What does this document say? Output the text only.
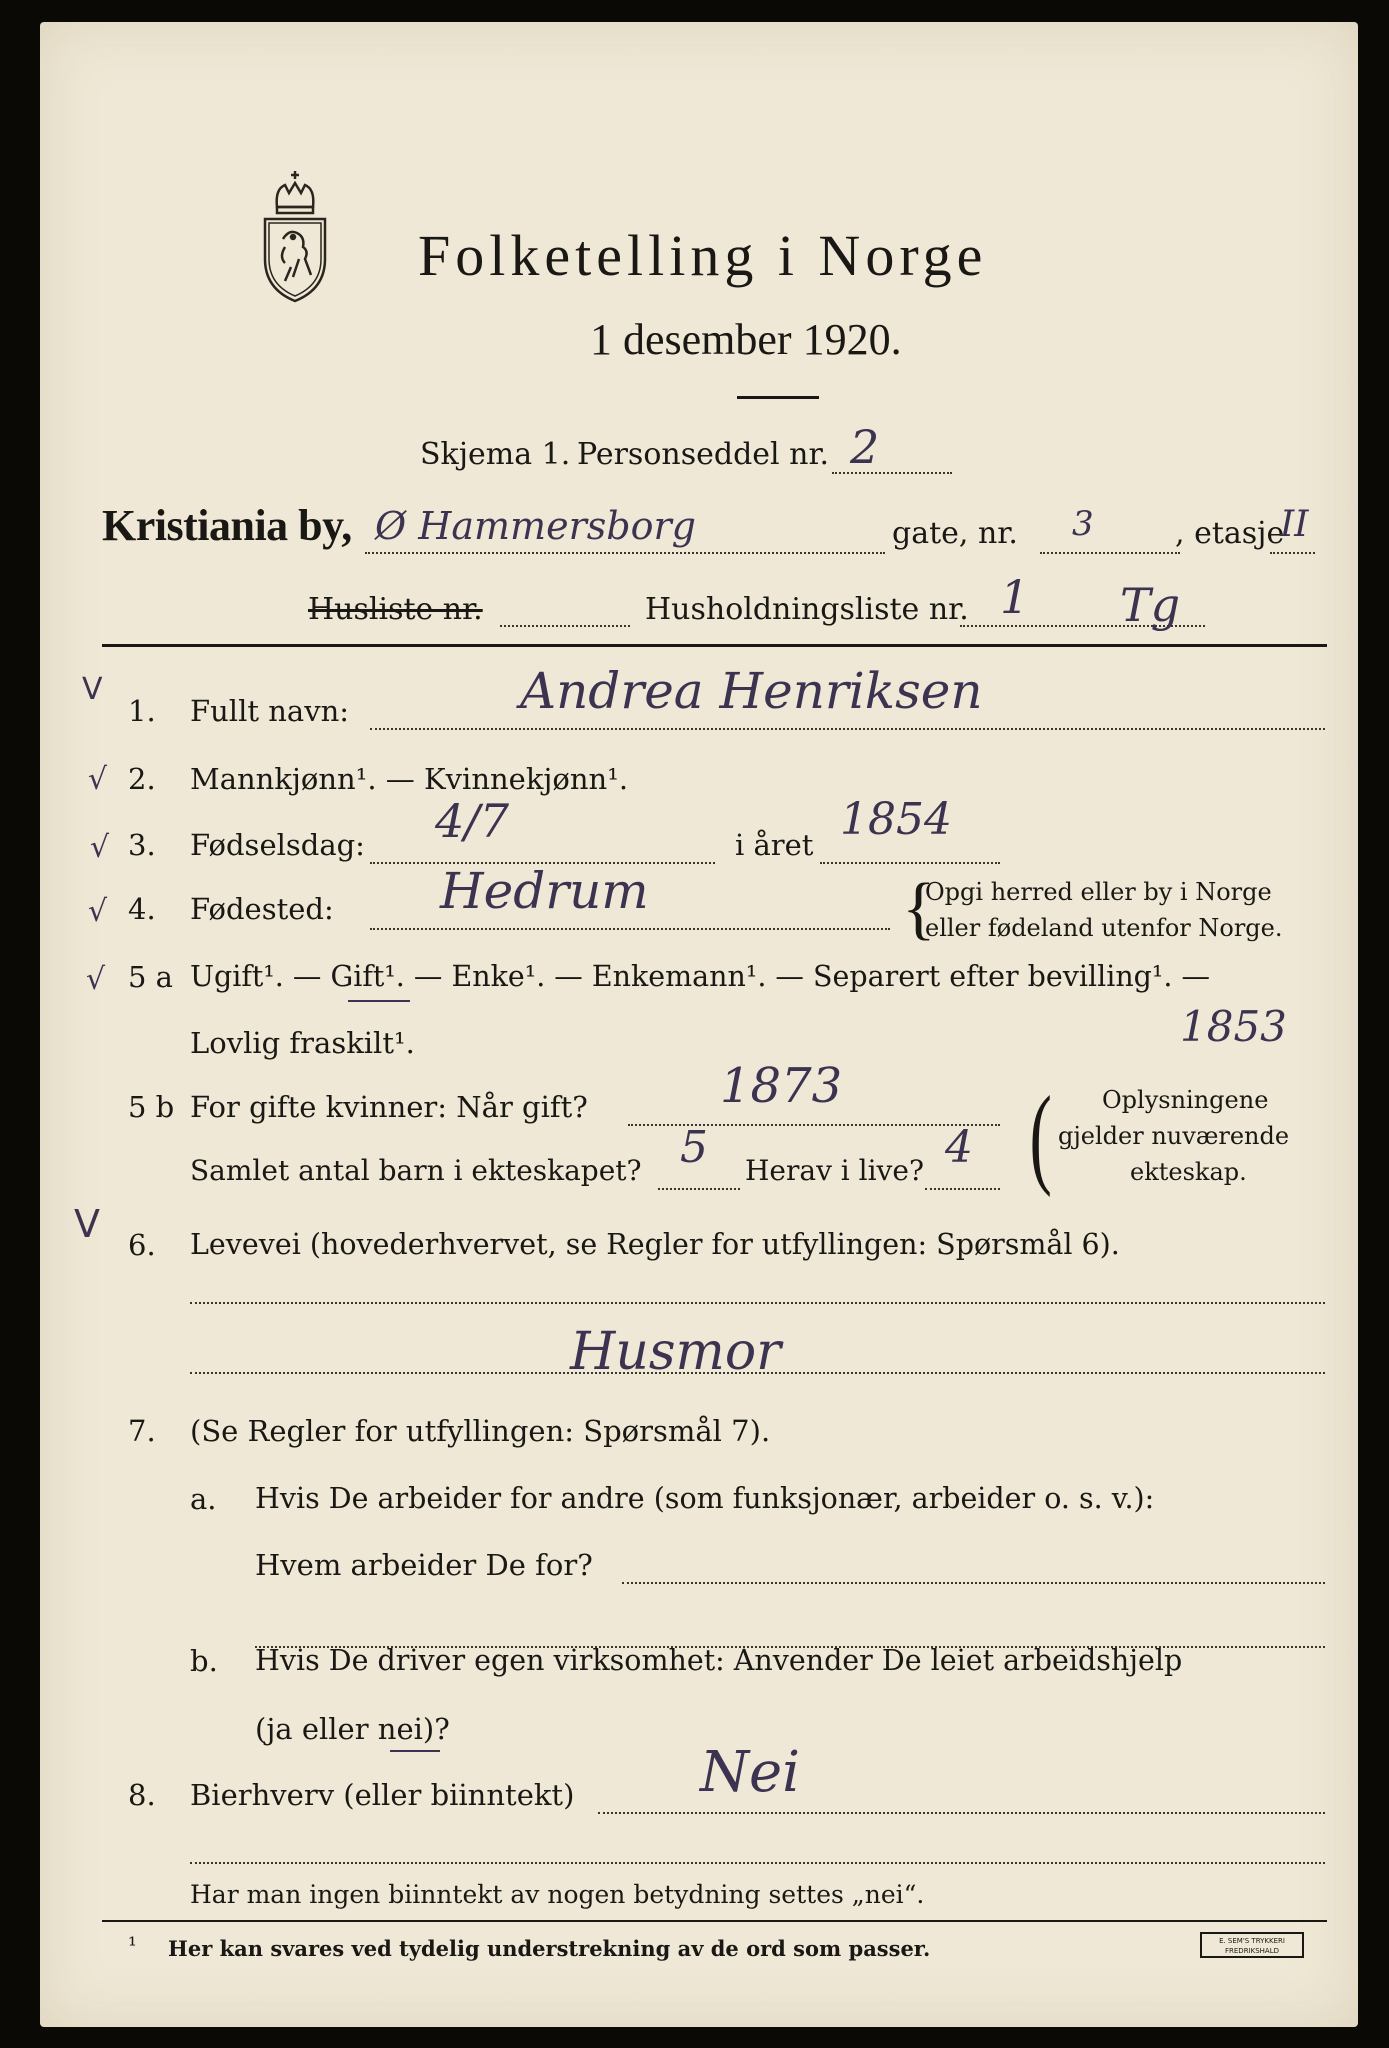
Folketelling i Norge
1 desember 1920.
Skjema 1. Personseddel nr. 2
Kristiania by, Ø Hammersborg	gate, nr. 3	, etasje
II
Husliste nr.	Husholdningsliste nr. 1 Tg
V
√
√
√
√
V
1. Fullt navn:	Andrea Henriksen
2. Mannkjønn¹. — Kvinnekjønn¹.
3. Fødselsdag: 4/7	i året 1854
4. Fødested: Hedrum	{
Opgi herred eller by i Norge
eller fødeland utenfor Norge.
5 a Ugift¹. — Gift¹. — Enke¹. — Enkemann¹. — Separert efter bevilling¹. —
Lovlig fraskilt¹.	1853
5 b For gifte kvinner: Når gift?	1873
Samlet antal barn i ekteskapet? 5 Herav i live? 4 ( Oplysningene
gjelder nuværende
ekteskap.
6. Levevei (hovederhvervet, se Regler for utfyllingen: Spørsmål 6).
Husmor
7. (Se Regler for utfyllingen: Spørsmål 7).
a. Hvis De arbeider for andre (som funksjonær, arbeider o. s. v.):
Hvem arbeider De for?
b. Hvis De driver egen virksomhet: Anvender De leiet arbeidshjelp
(ja eller nei)?
8. Bierhverv (eller biinntekt) Nei
Har man ingen biinntekt av nogen betydning settes „nei“.
¹ Her kan svares ved tydelig understrekning av de ord som passer.	E. SEM'S TRYKKERI
FREDRIKSHALD
